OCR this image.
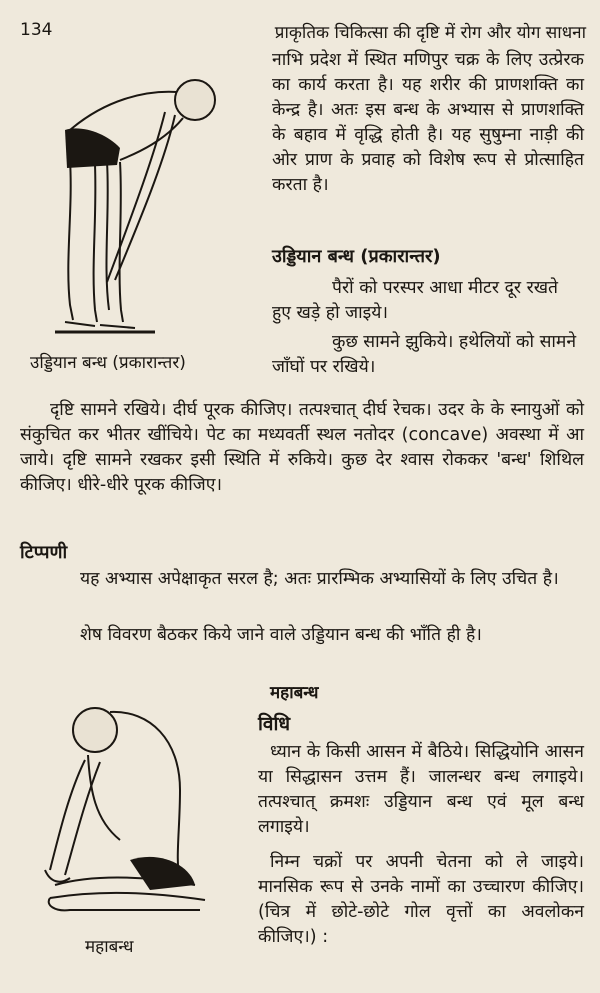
134	प्राकृतिक चिकित्सा की दृष्टि में रोग और योग साधना

उड्डियान बन्ध (प्रकारान्तर)

नाभि प्रदेश में स्थित मणिपुर चक्र के लिए उत्प्रेरक का कार्य करता है। यह शरीर की प्राणशक्ति का केन्द्र है। अतः इस बन्ध के अभ्यास से प्राणशक्ति के बहाव में वृद्धि होती है। यह सुषुम्ना नाड़ी की ओर प्राण के प्रवाह को विशेष रूप से प्रोत्साहित करता है।

उड्डियान बन्ध (प्रकारान्तर)

पैरों को परस्पर आधा मीटर दूर रखते हुए खड़े हो जाइये।

कुछ सामने झुकिये। हथेलियों को सामने जाँघों पर रखिये।

दृष्टि सामने रखिये। दीर्घ पूरक कीजिए। तत्पश्चात् दीर्घ रेचक। उदर के के स्नायुओं को संकुचित कर भीतर खींचिये। पेट का मध्यवर्ती स्थल नतोदर (concave) अवस्था में आ जाये। दृष्टि सामने रखकर इसी स्थिति में रुकिये। कुछ देर श्वास रोककर 'बन्ध' शिथिल कीजिए। धीरे-धीरे पूरक कीजिए।

टिप्पणी

यह अभ्यास अपेक्षाकृत सरल है; अतः प्रारम्भिक अभ्यासियों के लिए उचित है।

शेष विवरण बैठकर किये जाने वाले उड्डियान बन्ध की भाँति ही है।

महाबन्ध
विधि

महाबन्ध

ध्यान के किसी आसन में बैठिये। सिद्धियोनि आसन या सिद्धासन उत्तम हैं। जालन्धर बन्ध लगाइये। तत्पश्चात् क्रमशः उड्डियान बन्ध एवं मूल बन्ध लगाइये।

निम्न चक्रों पर अपनी चेतना को ले जाइये। मानसिक रूप से उनके नामों का उच्चारण कीजिए। (चित्र में छोटे-छोटे गोल वृत्तों का अवलोकन कीजिए।) :
